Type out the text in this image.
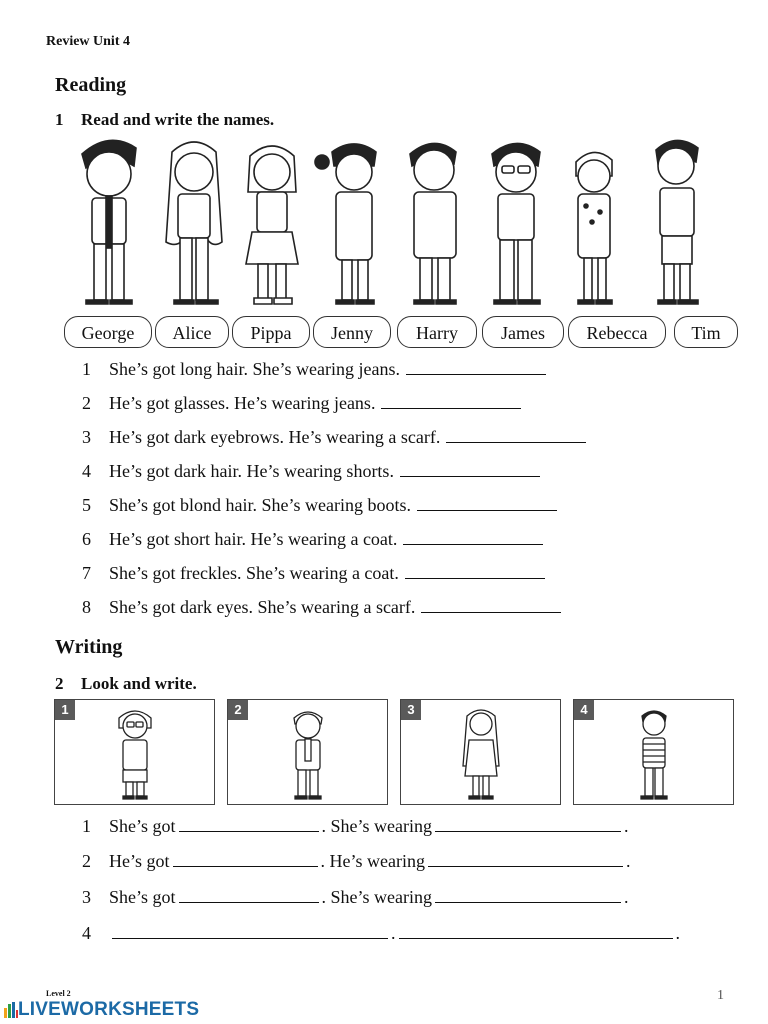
Review Unit 4
Reading
1 Read and write the names.
George	Alice	Pippa	Jenny	Harry	James	Rebecca	Tim
1 She’s got long hair. She’s wearing jeans.
2 He’s got glasses. He’s wearing jeans.
3 He’s got dark eyebrows. He’s wearing a scarf.
4 He’s got dark hair. He’s wearing shorts.
5 She’s got blond hair. She’s wearing boots.
6 He’s got short hair. He’s wearing a coat.
7 She’s got freckles. She’s wearing a coat.
8 She’s got dark eyes. She’s wearing a scarf.
Writing
2 Look and write.
1	2	3	4
1 She’s got	. She’s wearing	.
2 He’s got	. He’s wearing	.
3 She’s got	. She’s wearing	.
4	.	.
Level 2
LIVEWORKSHEETS
1
